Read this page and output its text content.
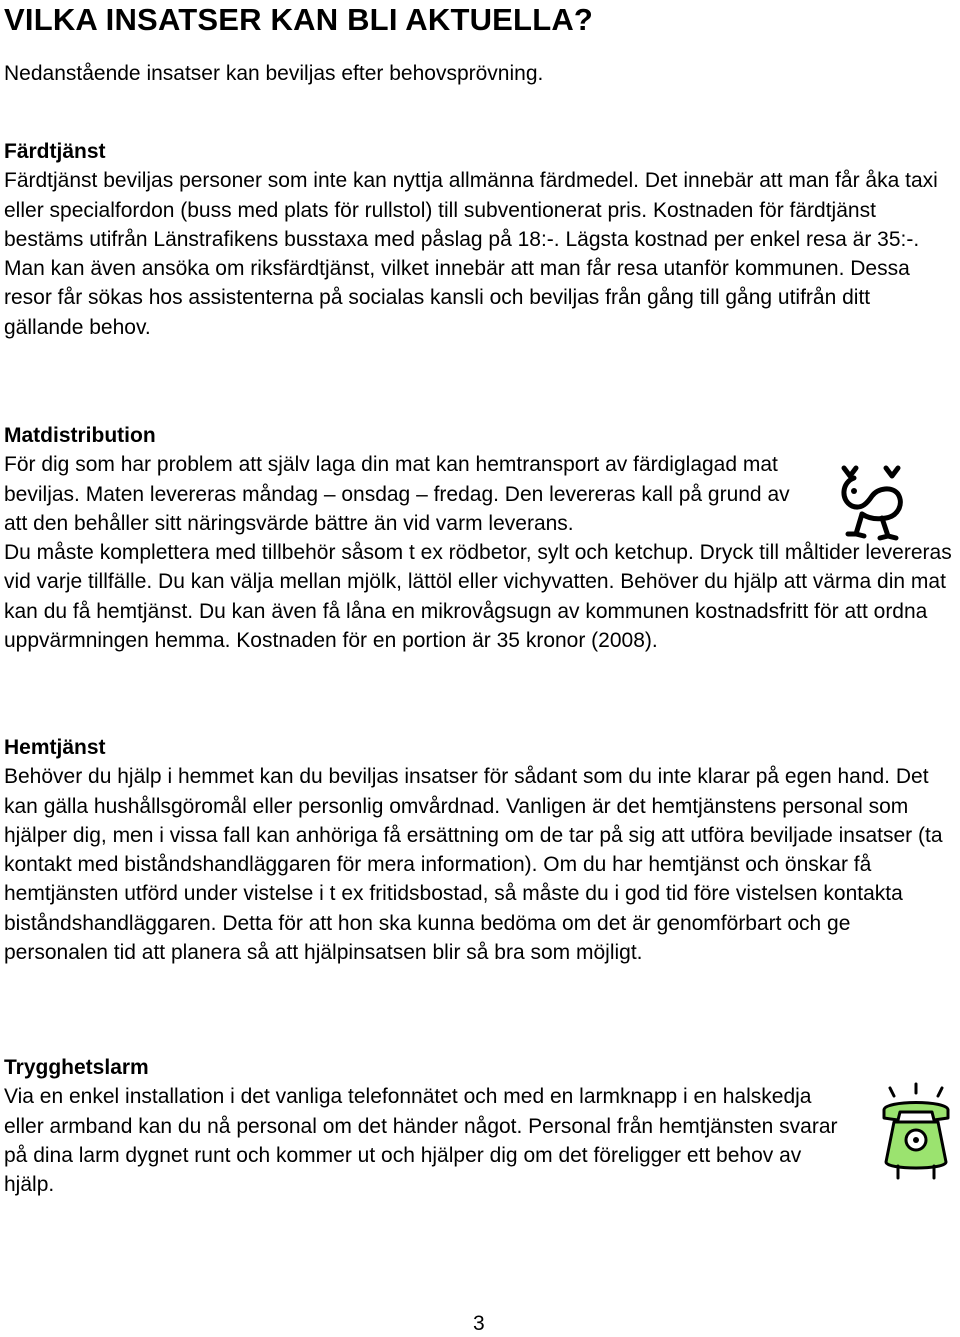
VILKA INSATSER KAN BLI AKTUELLA?
Nedanstående insatser kan beviljas efter behovsprövning.
Färdtjänst

Färdtjänst beviljas personer som inte kan nyttja allmänna färdmedel. Det innebär att man får åka taxi eller specialfordon (buss med plats för rullstol) till subventionerat pris. Kostnaden för färdtjänst bestäms utifrån Länstrafikens busstaxa med påslag på 18:-. Lägsta kostnad per enkel resa är 35:-. Man kan även ansöka om riksfärdtjänst, vilket innebär att man får resa utanför kommunen. Dessa resor får sökas hos assistenterna på socialas kansli och beviljas från gång till gång utifrån ditt gällande behov.

Matdistribution
För dig som har problem att själv laga din mat kan hemtransport av färdiglagad mat beviljas. Maten levereras måndag – onsdag – fredag. Den levereras kall på grund av att den behåller sitt näringsvärde bättre än vid varm leverans.

Du måste komplettera med tillbehör såsom t ex rödbetor, sylt och ketchup. Dryck till måltider levereras vid varje tillfälle. Du kan välja mellan mjölk, lättöl eller vichyvatten. Behöver du hjälp att värma din mat kan du få hemtjänst. Du kan även få låna en mikrovågsugn av kommunen kostnadsfritt för att ordna uppvärmningen hemma. Kostnaden för en portion är 35 kronor (2008).

Hemtjänst

Behöver du hjälp i hemmet kan du beviljas insatser för sådant som du inte klarar på egen hand. Det kan gälla hushållsgöromål eller personlig omvårdnad. Vanligen är det hemtjänstens personal som hjälper dig, men i vissa fall kan anhöriga få ersättning om de tar på sig att utföra beviljade insatser (ta kontakt med biståndshandläggaren för mera information). Om du har hemtjänst och önskar få hemtjänsten utförd under vistelse i t ex fritidsbostad, så måste du i god tid före vistelsen kontakta biståndshandläggaren. Detta för att hon ska kunna bedöma om det är genomförbart och ge personalen tid att planera så att hjälpinsatsen blir så bra som möjligt.

Trygghetslarm

Via en enkel installation i det vanliga telefonnätet och med en larmknapp i en halskedja eller armband kan du nå personal om det händer något. Personal från hemtjänsten svarar på dina larm dygnet runt och kommer ut och hjälper dig om det föreligger ett behov av hjälp.

3
